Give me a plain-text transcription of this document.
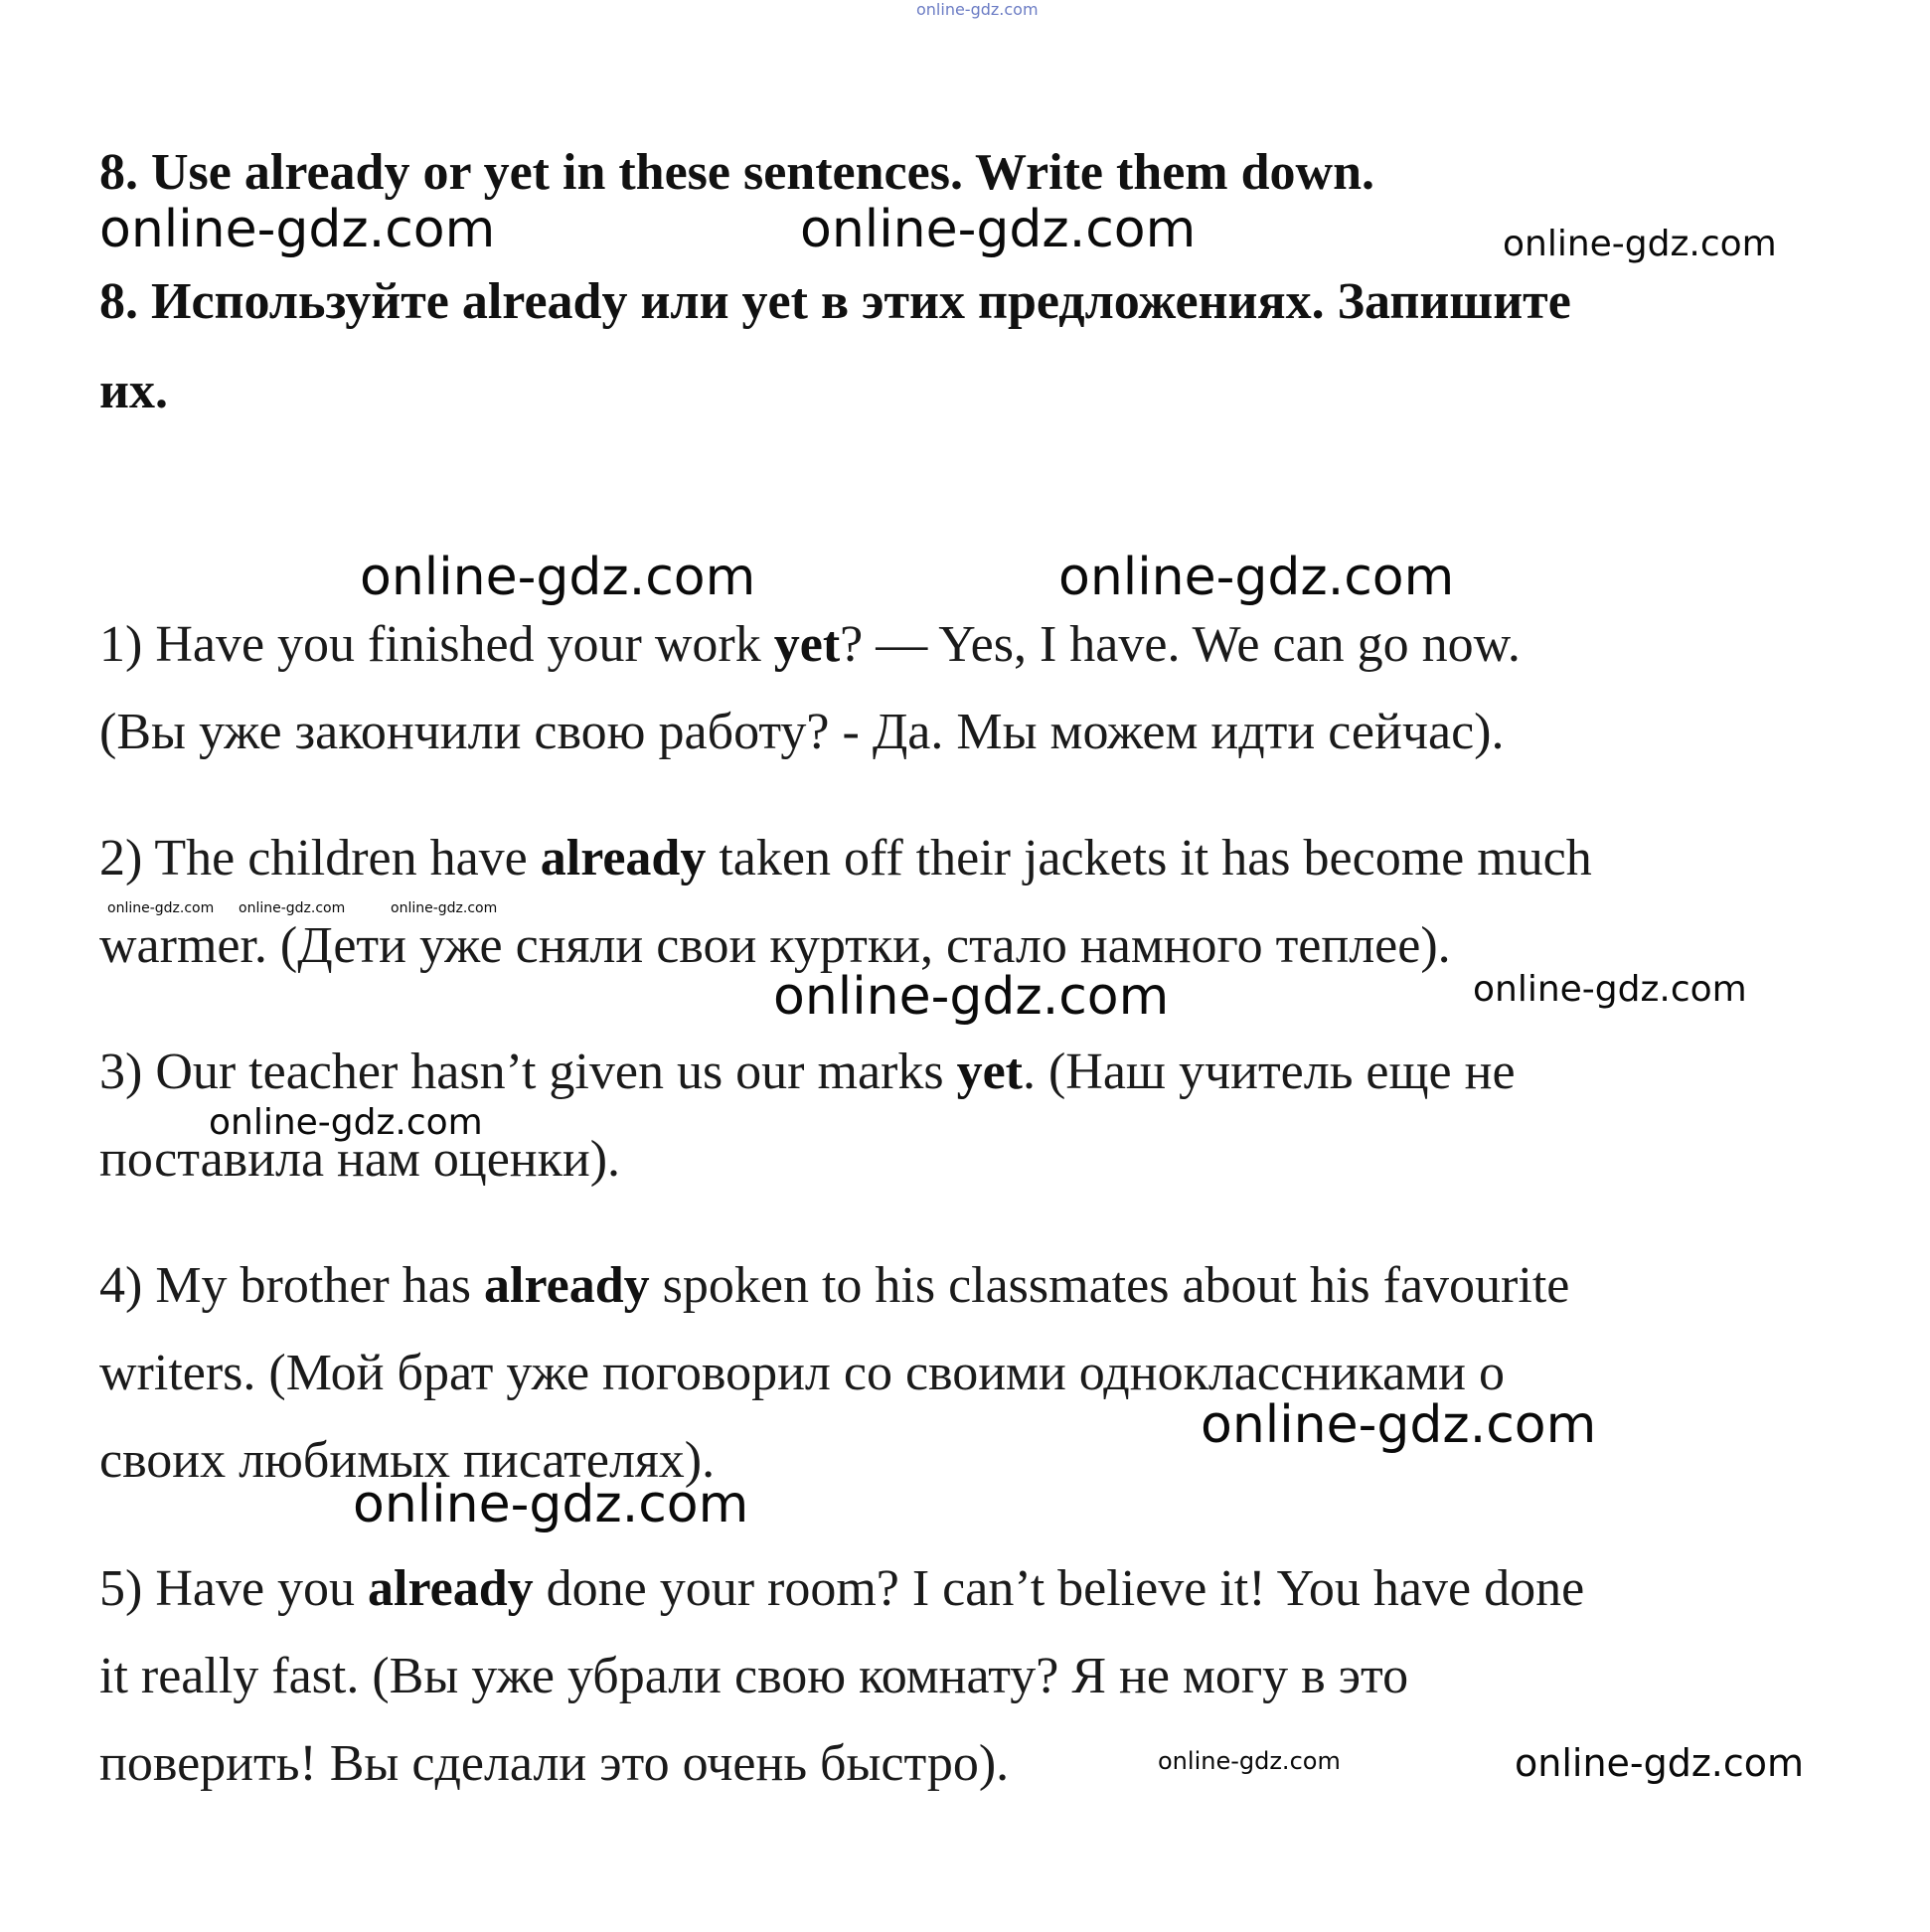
online-gdz.com
8. Use already or yet in these sentences. Write them down.
8. Используйте already или yet в этих предложениях. Запишите
их.
online-gdz.com	online-gdz.com	online-gdz.com
1) Have you finished your work yet? — Yes, I have. We can go now.
(Вы уже закончили свою работу? - Да. Мы можем идти сейчас).
2) The children have already taken off their jackets it has become much
warmer. (Дети уже сняли свои куртки, стало намного теплее).
3) Our teacher hasn’t given us our marks yet. (Наш учитель еще не
поставила нам оценки).
4) My brother has already spoken to his classmates about his favourite
writers. (Мой брат уже поговорил со своими одноклассниками о
своих любимых писателях).
5) Have you already done your room? I can’t believe it! You have done
it really fast. (Вы уже убрали свою комнату? Я не могу в это
поверить! Вы сделали это очень быстро).
online-gdz.com	online-gdz.com
online-gdz.com online-gdz.com	online-gdz.com
online-gdz.com	online-gdz.com
online-gdz.com
online-gdz.com
online-gdz.com
online-gdz.com
online-gdz.com
